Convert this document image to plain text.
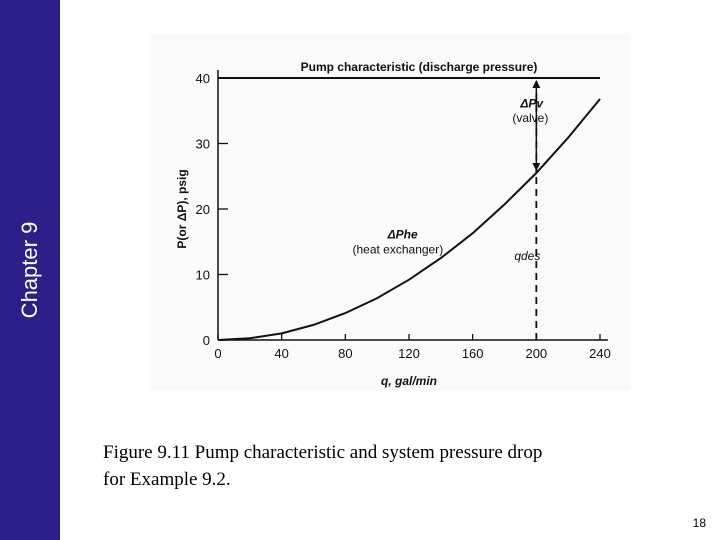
Chapter 9
0	40	80	120	160	200	240
0
10
20
30
40
q, gal/min
P(or ΔP), psig
Pump characteristic (discharge pressure)
ΔPv
(valve)
ΔPhe
(heat exchanger)	qdes
Figure 9.11 Pump characteristic and system pressure drop
for Example 9.2.
18
